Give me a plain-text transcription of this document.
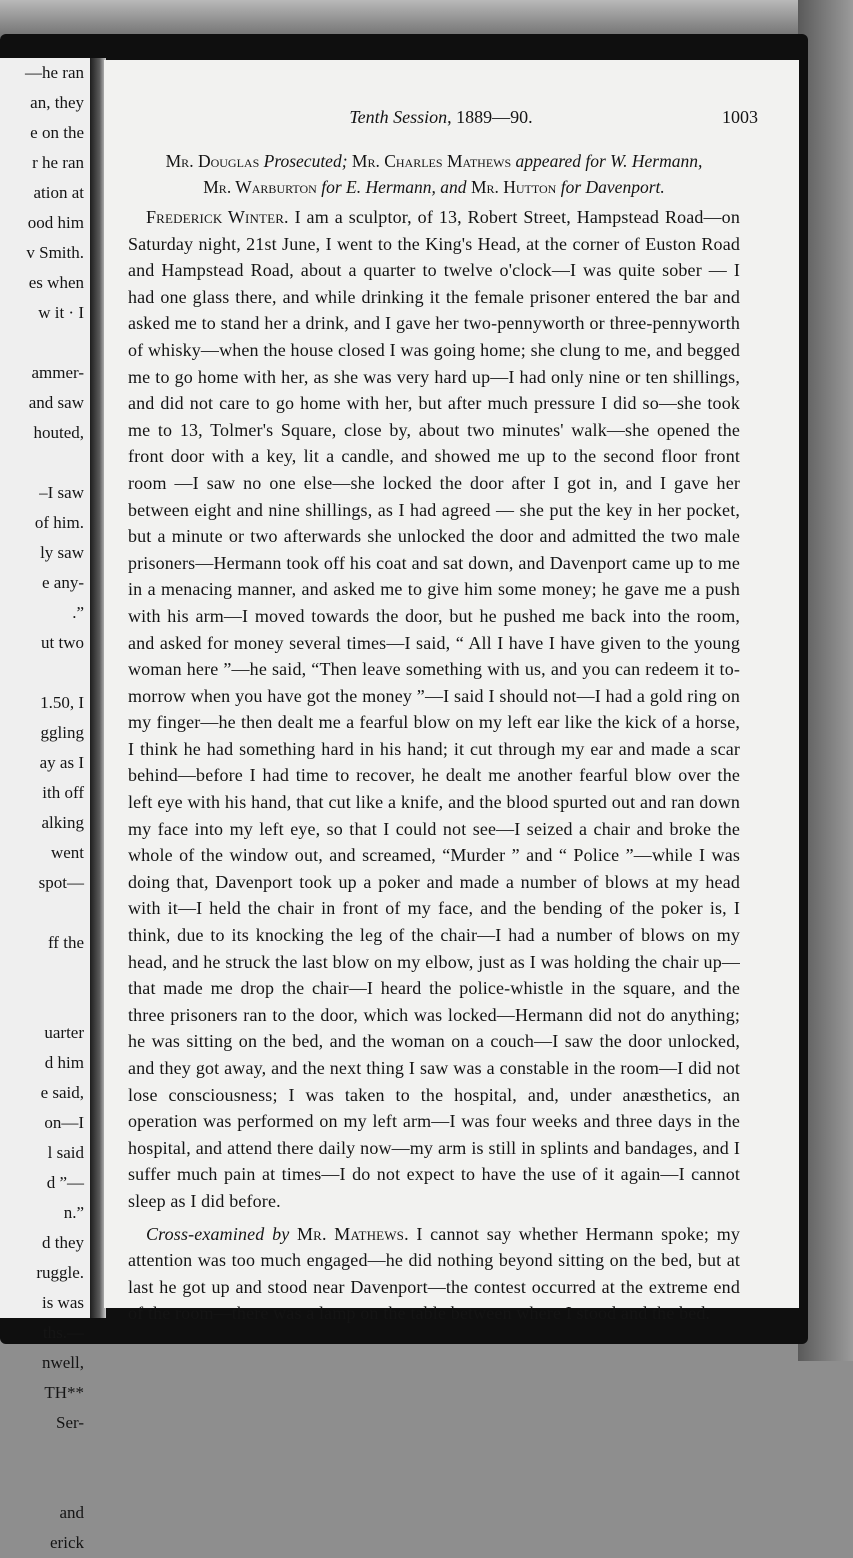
—he ran
an, they
e on the
r he ran
ation at
ood him
v Smith.
es when
w it · I
ammer-
and saw
houted,
–I saw
of him.
ly saw
e any-
.”
ut two
1.50, I
ggling
ay as I
ith off
alking
went
spot—
ff the
uarter
d him
e said,
on—I
l said
d ”—
n.”
d they
ruggle.
is was
ths.—
nwell,
TH**
Ser-
and
erick
Tenth Session, 1889—90.	1003
Mr. Douglas Prosecuted; Mr. Charles Mathews appeared for W. Hermann,
Mr. Warburton for E. Hermann, and Mr. Hutton for Davenport.

Frederick Winter. I am a sculptor, of 13, Robert Street, Hampstead Road—on Saturday night, 21st June, I went to the King's Head, at the corner of Euston Road and Hampstead Road, about a quarter to twelve o'clock—I was quite sober — I had one glass there, and while drinking it the female prisoner entered the bar and asked me to stand her a drink, and I gave her two-pennyworth or three-pennyworth of whisky—when the house closed I was going home; she clung to me, and begged me to go home with her, as she was very hard up—I had only nine or ten shillings, and did not care to go home with her, but after much pressure I did so—she took me to 13, Tolmer's Square, close by, about two minutes' walk—she opened the front door with a key, lit a candle, and showed me up to the second floor front room —I saw no one else—she locked the door after I got in, and I gave her between eight and nine shillings, as I had agreed — she put the key in her pocket, but a minute or two afterwards she unlocked the door and admitted the two male prisoners—Hermann took off his coat and sat down, and Davenport came up to me in a menacing manner, and asked me to give him some money; he gave me a push with his arm—I moved towards the door, but he pushed me back into the room, and asked for money several times—I said, “ All I have I have given to the young woman here ”—he said, “Then leave something with us, and you can redeem it to-morrow when you have got the money ”—I said I should not—I had a gold ring on my finger—he then dealt me a fearful blow on my left ear like the kick of a horse, I think he had something hard in his hand; it cut through my ear and made a scar behind—before I had time to recover, he dealt me another fearful blow over the left eye with his hand, that cut like a knife, and the blood spurted out and ran down my face into my left eye, so that I could not see—I seized a chair and broke the whole of the window out, and screamed, “Murder ” and “ Police ”—while I was doing that, Davenport took up a poker and made a number of blows at my head with it—I held the chair in front of my face, and the bending of the poker is, I think, due to its knocking the leg of the chair—I had a number of blows on my head, and he struck the last blow on my elbow, just as I was holding the chair up—that made me drop the chair—I heard the police-whistle in the square, and the three prisoners ran to the door, which was locked—Hermann did not do anything; he was sitting on the bed, and the woman on a couch—I saw the door unlocked, and they got away, and the next thing I saw was a constable in the room—I did not lose consciousness; I was taken to the hospital, and, under anæsthetics, an operation was performed on my left arm—I was four weeks and three days in the hospital, and attend there daily now—my arm is still in splints and bandages, and I suffer much pain at times—I do not expect to have the use of it again—I cannot sleep as I did before.

Cross-examined by Mr. Mathews. I cannot say whether Hermann spoke; my attention was too much engaged—he did nothing beyond sitting on the bed, but at last he got up and stood near Davenport—the contest occurred at the extreme end of the room—there was a lamp on the table between where I stood and the bed.
